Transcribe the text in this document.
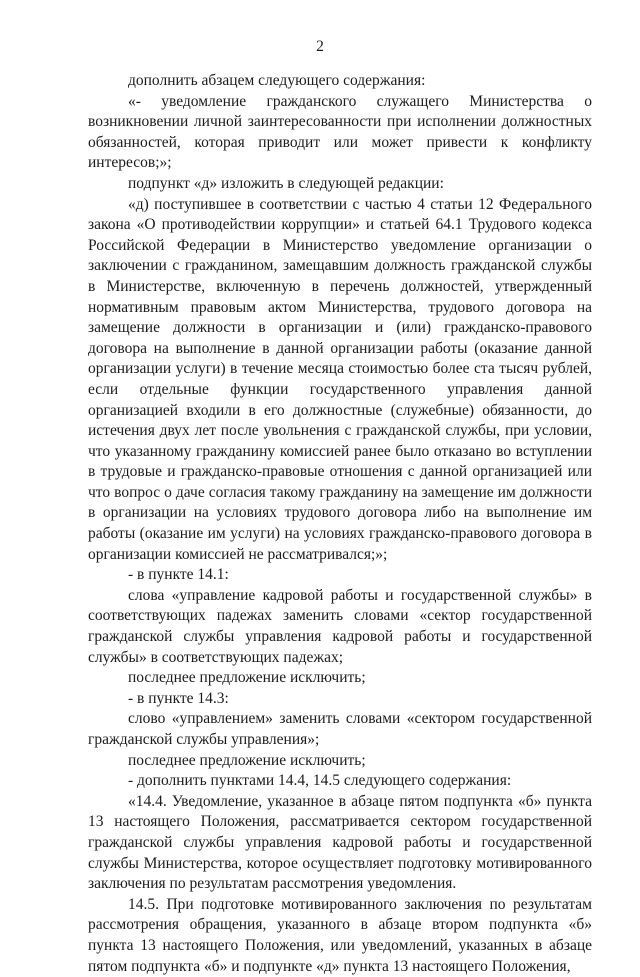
2

дополнить абзацем следующего содержания:

«- уведомление гражданского служащего Министерства о возникновении личной заинтересованности при исполнении должностных обязанностей, которая приводит или может привести к конфликту интересов;»;

подпункт «д» изложить в следующей редакции:

«д) поступившее в соответствии с частью 4 статьи 12 Федерального закона «О противодействии коррупции» и статьей 64.1 Трудового кодекса Российской Федерации в Министерство уведомление организации о заключении с гражданином, замещавшим должность гражданской службы в Министерстве, включенную в перечень должностей, утвержденный нормативным правовым актом Министерства, трудового договора на замещение должности в организации и (или) гражданско-правового договора на выполнение в данной организации работы (оказание данной организации услуги) в течение месяца стоимостью более ста тысяч рублей, если отдельные функции государственного управления данной организацией входили в его должностные (служебные) обязанности, до истечения двух лет после увольнения с гражданской службы, при условии, что указанному гражданину комиссией ранее было отказано во вступлении в трудовые и гражданско-правовые отношения с данной организацией или что вопрос о даче согласия такому гражданину на замещение им должности в организации на условиях трудового договора либо на выполнение им работы (оказание им услуги) на условиях гражданско-правового договора в организации комиссией не рассматривался;»;

- в пункте 14.1:

слова «управление кадровой работы и государственной службы» в соответствующих падежах заменить словами «сектор государственной гражданской службы управления кадровой работы и государственной службы» в соответствующих падежах;

последнее предложение исключить;

- в пункте 14.3:

слово «управлением» заменить словами «сектором государственной гражданской службы управления»;

последнее предложение исключить;

- дополнить пунктами 14.4, 14.5 следующего содержания:

«14.4. Уведомление, указанное в абзаце пятом подпункта «б» пункта 13 настоящего Положения, рассматривается сектором государственной гражданской службы управления кадровой работы и государственной службы Министерства, которое осуществляет подготовку мотивированного заключения по результатам рассмотрения уведомления.

14.5. При подготовке мотивированного заключения по результатам рассмотрения обращения, указанного в абзаце втором подпункта «б» пункта 13 настоящего Положения, или уведомлений, указанных в абзаце пятом подпункта «б» и подпункте «д» пункта 13 настоящего Положения,
